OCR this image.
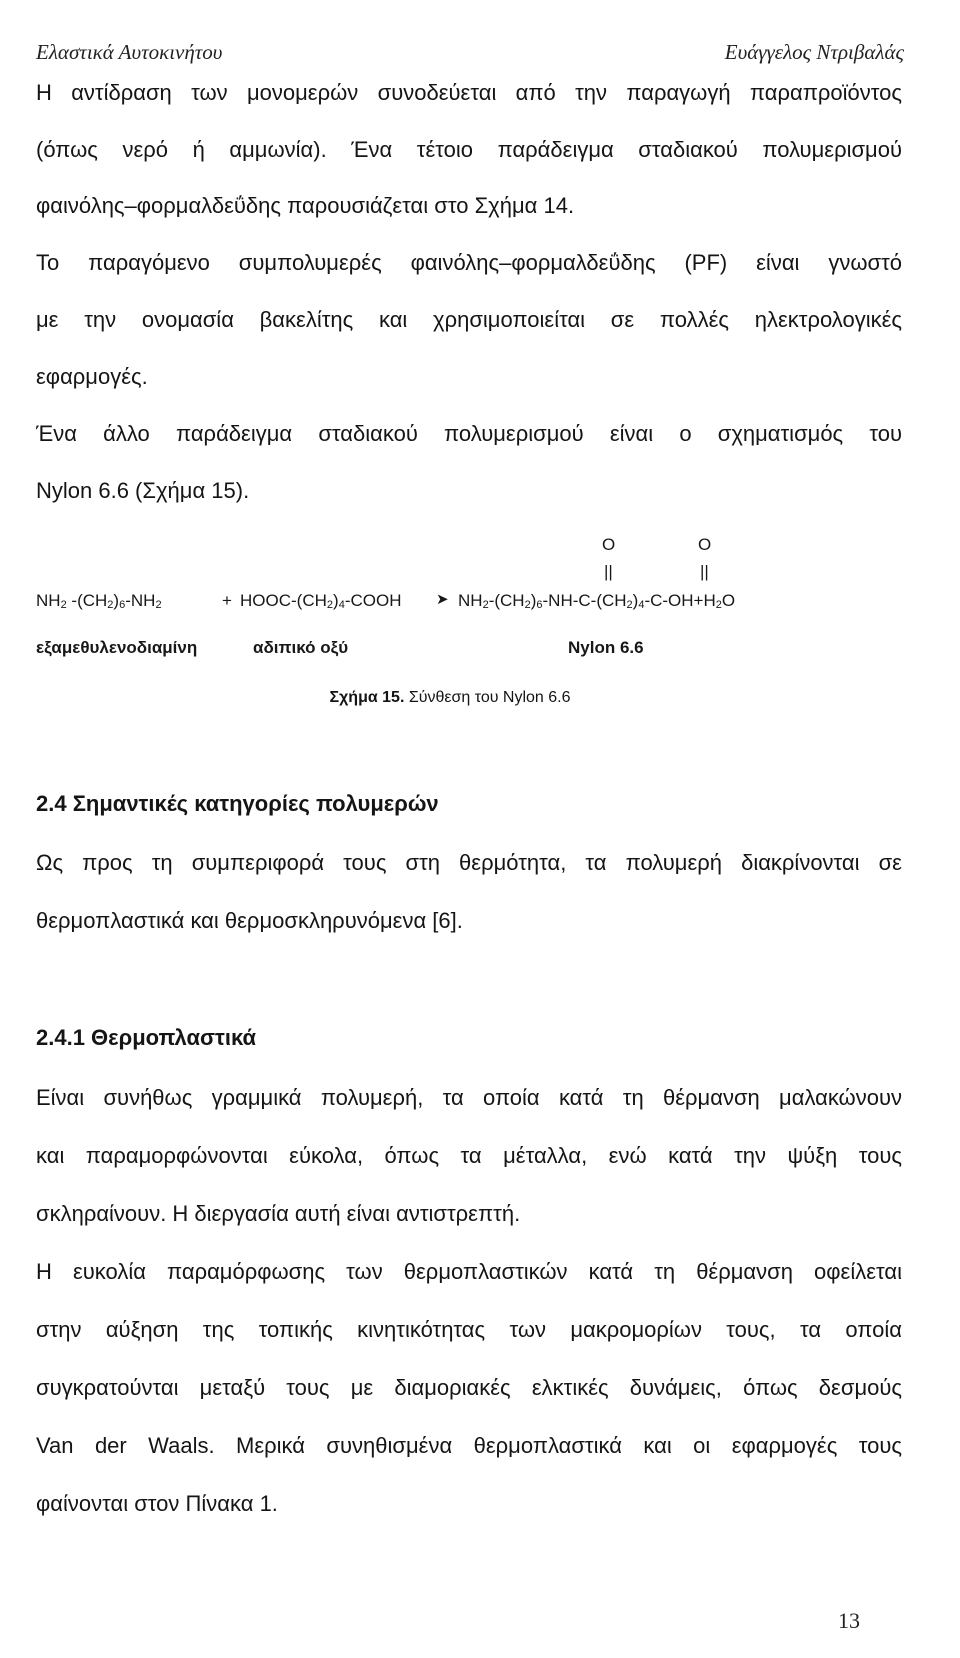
Ελαστικά Αυτοκινήτου	Ευάγγελος Ντριβαλάς
Η αντίδραση των μονομερών συνοδεύεται από την παραγωγή παραπροϊόντος
(όπως νερό ή αμμωνία). Ένα τέτοιο παράδειγμα σταδιακού πολυμερισμού
φαινόλης–φορμαλδεΰδης παρουσιάζεται στο Σχήμα 14.
Το παραγόμενο συμπολυμερές φαινόλης–φορμαλδεΰδης (PF) είναι γνωστό
με την ονομασία βακελίτης και χρησιμοποιείται σε πολλές ηλεκτρολογικές
εφαρμογές.
Ένα άλλο παράδειγμα σταδιακού πολυμερισμού είναι ο σχηματισμός του
Nylon 6.6 (Σχήμα 15).
O	O
||	||
$NH_2$ $-(CH_2)_6-NH_2$	+ HOOC-$(CH_2)_4$-COOH ➤ $NH_2-(CH_2)_6-NH-C-(CH_2)_4-C-OH+H_2O$
εξαμεθυλενοδιαμίνη	αδιπικό οξύ	Nylon 6.6
Σχήμα 15. Σύνθεση του Nylon 6.6
2.4 Σημαντικές κατηγορίες πολυμερών
Ως προς τη συμπεριφορά τους στη θερμότητα, τα πολυμερή διακρίνονται σε
θερμοπλαστικά και θερμοσκληρυνόμενα [6].
2.4.1 Θερμοπλαστικά
Είναι συνήθως γραμμικά πολυμερή, τα οποία κατά τη θέρμανση μαλακώνουν
και παραμορφώνονται εύκολα, όπως τα μέταλλα, ενώ κατά την ψύξη τους
σκληραίνουν. Η διεργασία αυτή είναι αντιστρεπτή.
Η ευκολία παραμόρφωσης των θερμοπλαστικών κατά τη θέρμανση οφείλεται
στην αύξηση της τοπικής κινητικότητας των μακρομορίων τους, τα οποία
συγκρατούνται μεταξύ τους με διαμοριακές ελκτικές δυνάμεις, όπως δεσμούς
Van der Waals. Μερικά συνηθισμένα θερμοπλαστικά και οι εφαρμογές τους
φαίνονται στον Πίνακα 1.
13
